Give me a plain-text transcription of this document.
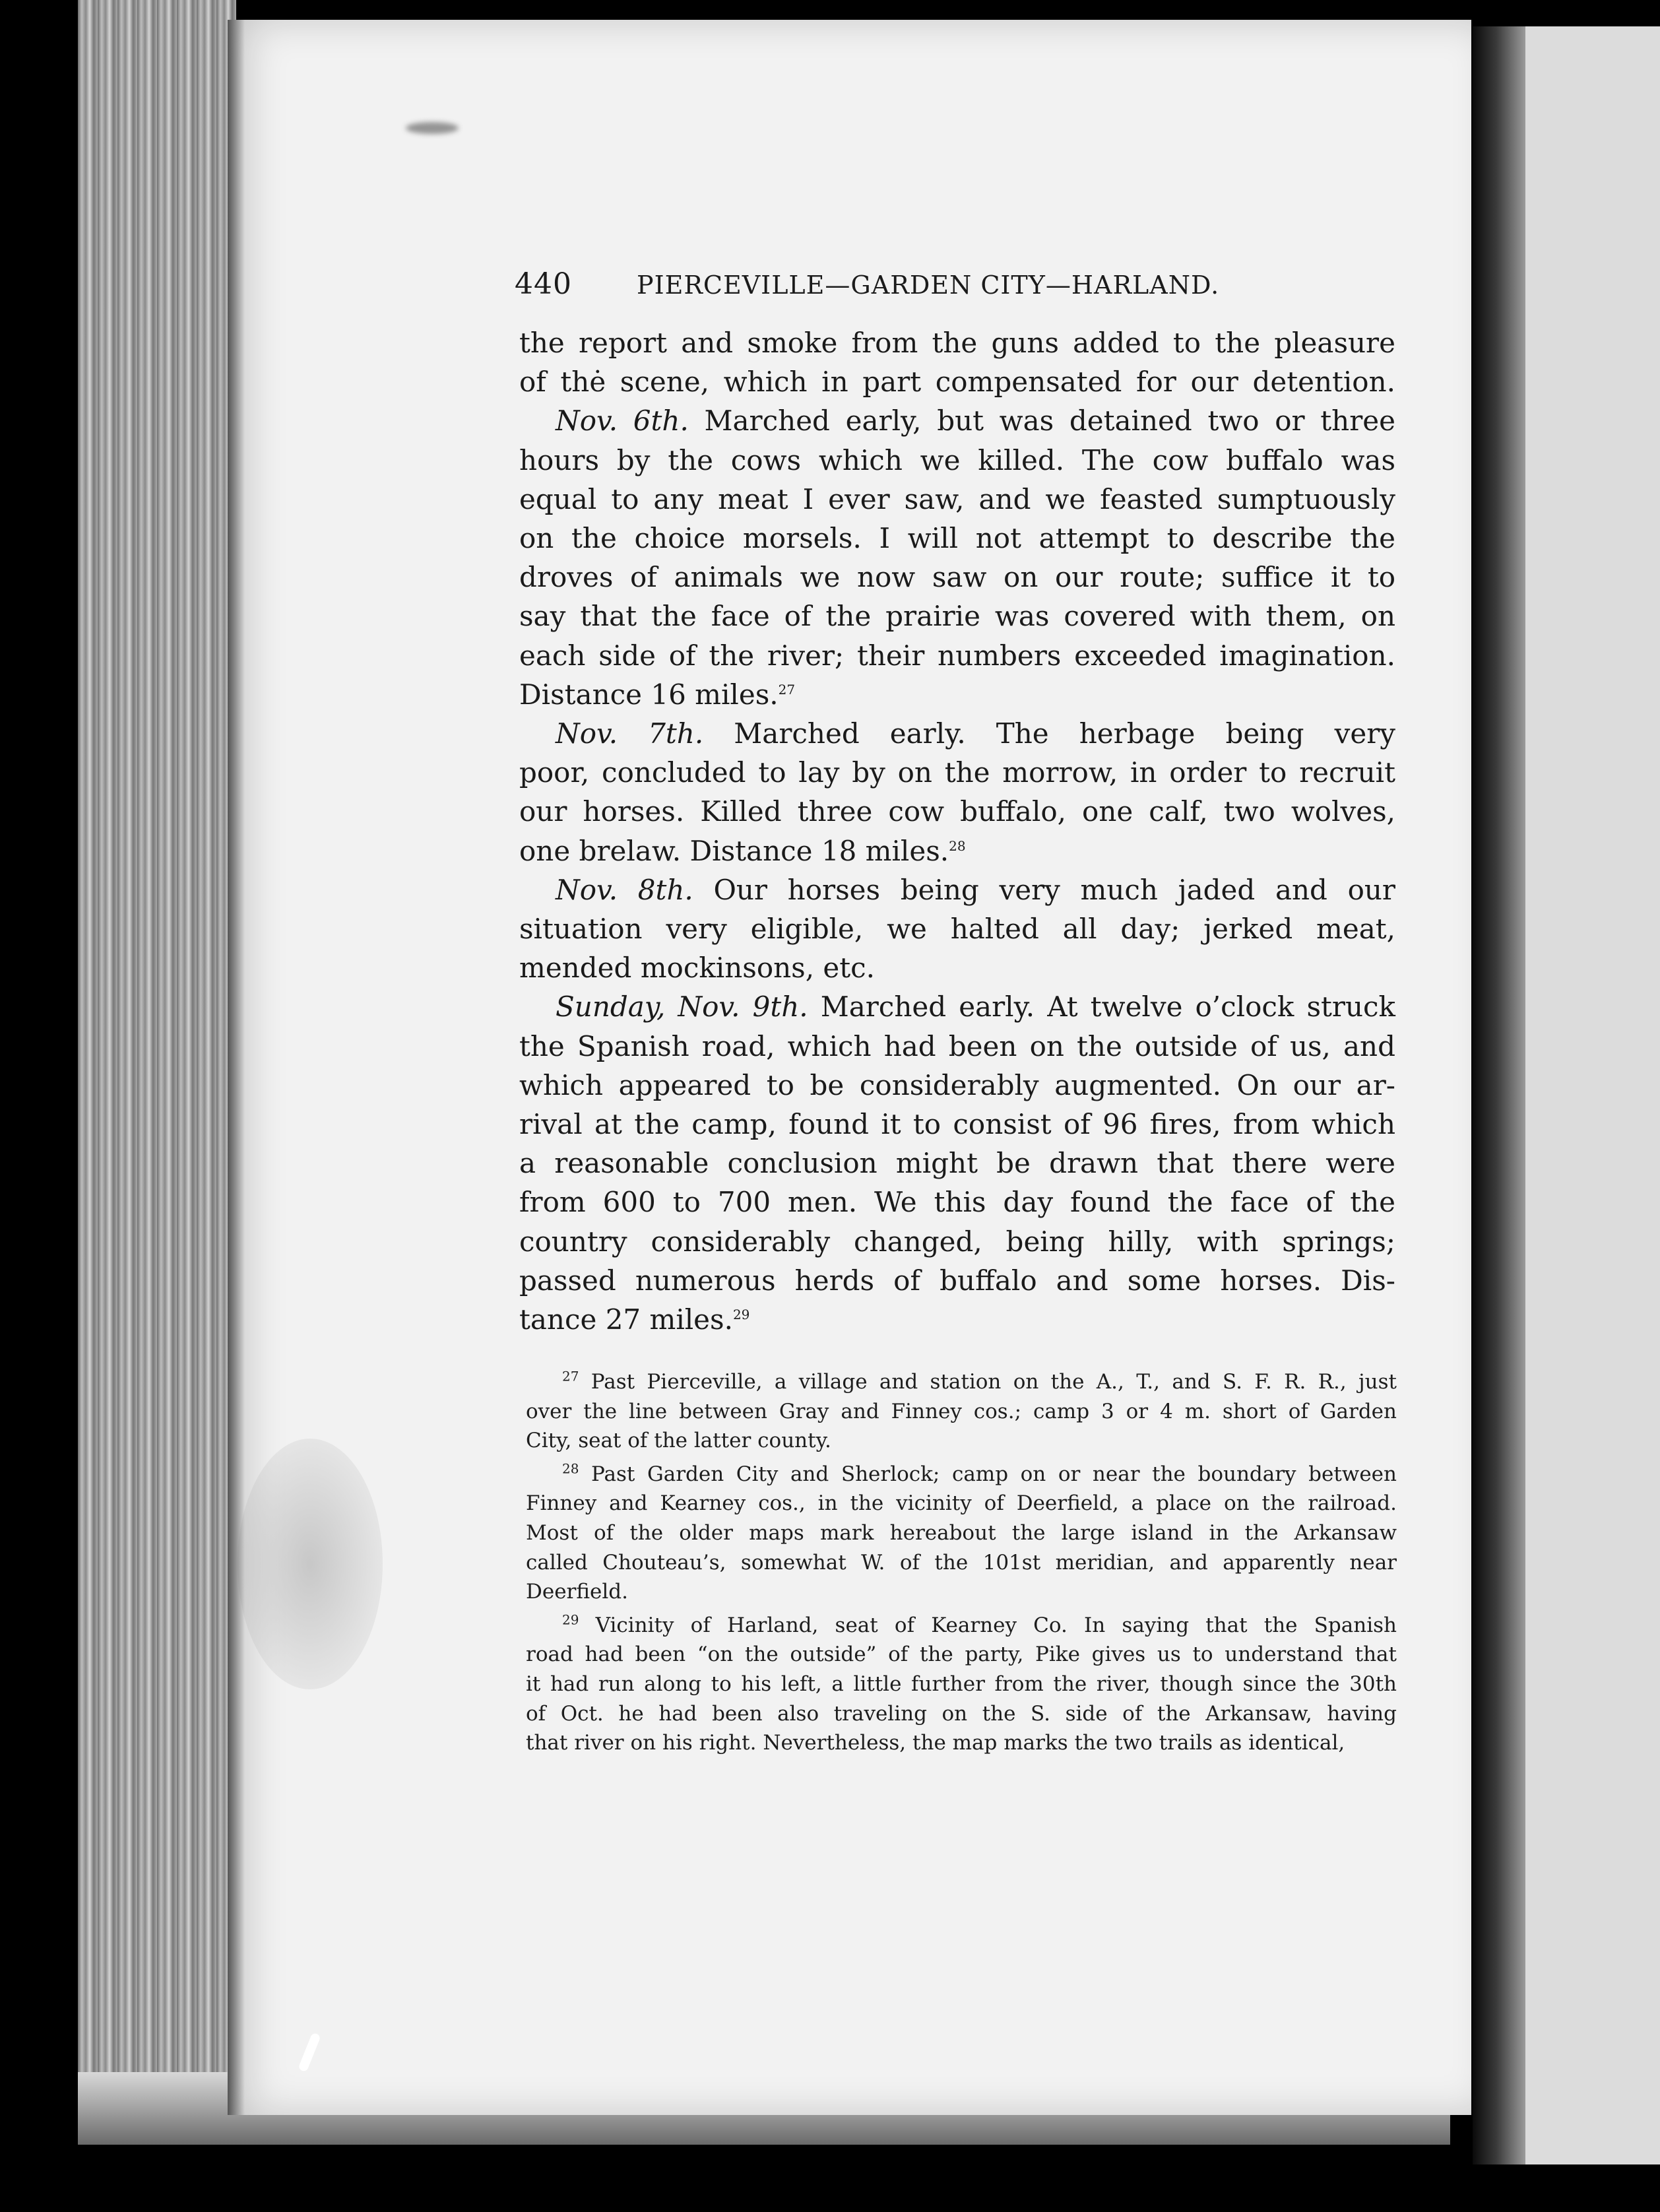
440	PIERCEVILLE—GARDEN CITY—HARLAND.
the report and smoke from the guns added to the pleasure
of thė scene, which in part compensated for our detention.
Nov. 6th. Marched early, but was detained two or three
hours by the cows which we killed. The cow buffalo was
equal to any meat I ever saw, and we feasted sumptuously
on the choice morsels. I will not attempt to describe the
droves of animals we now saw on our route; suffice it to
say that the face of the prairie was covered with them, on
each side of the river; their numbers exceeded imagination.
Distance 16 miles.$^{27}$
Nov. 7th. Marched early. The herbage being very
poor, concluded to lay by on the morrow, in order to recruit
our horses. Killed three cow buffalo, one calf, two wolves,
one brelaw. Distance 18 miles.$^{28}$
Nov. 8th. Our horses being very much jaded and our
situation very eligible, we halted all day; jerked meat,
mended mockinsons, etc.
Sunday, Nov. 9th. Marched early. At twelve o’clock struck
the Spanish road, which had been on the outside of us, and
which appeared to be considerably augmented. On our ar-
rival at the camp, found it to consist of 96 fires, from which
a reasonable conclusion might be drawn that there were
from 600 to 700 men. We this day found the face of the
country considerably changed, being hilly, with springs;
passed numerous herds of buffalo and some horses. Dis-
tance 27 miles.$^{29}$
$^{27}$ Past Pierceville, a village and station on the A., T., and S. F. R. R., just
over the line between Gray and Finney cos.; camp 3 or 4 m. short of Garden
City, seat of the latter county.
$^{28}$ Past Garden City and Sherlock; camp on or near the boundary between
Finney and Kearney cos., in the vicinity of Deerfield, a place on the railroad.
Most of the older maps mark hereabout the large island in the Arkansaw
called Chouteau’s, somewhat W. of the 101st meridian, and apparently near
Deerfield.
$^{29}$ Vicinity of Harland, seat of Kearney Co. In saying that the Spanish
road had been “on the outside” of the party, Pike gives us to understand that
it had run along to his left, a little further from the river, though since the 30th
of Oct. he had been also traveling on the S. side of the Arkansaw, having
that river on his right. Nevertheless, the map marks the two trails as identical,
